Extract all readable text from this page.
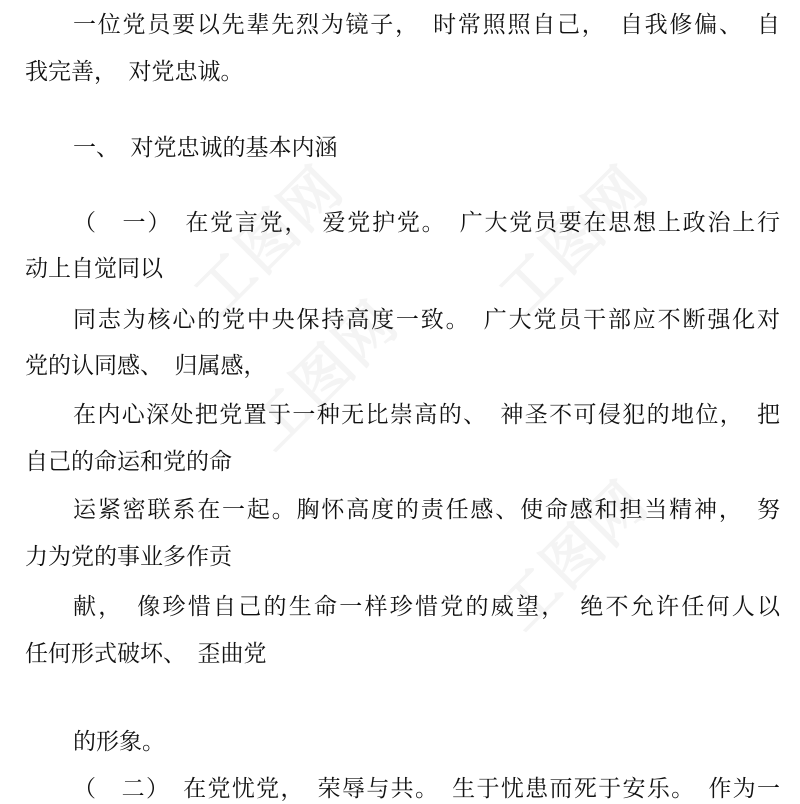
工图网 工图网
工图网
工图网
一位党员要以先辈先烈为镜子，　时常照照自己，　自我修偏、　自
我完善，　对党忠诚。
一、　对党忠诚的基本内涵
（　一）　在党言党，　爱党护党。　广大党员要在思想上政治上行
动上自觉同以
同志为核心的党中央保持高度一致。　广大党员干部应不断强化对
党的认同感、　归属感，
在内心深处把党置于一种无比崇高的、　神圣不可侵犯的地位，　把
自己的命运和党的命
运紧密联系在一起。胸怀高度的责任感、使命感和担当精神，　努
力为党的事业多作贡
献，　像珍惜自己的生命一样珍惜党的威望，　绝不允许任何人以
任何形式破坏、　歪曲党
的形象。
（　二）　在党忧党，　荣辱与共。　生于忧患而死于安乐。　作为一
